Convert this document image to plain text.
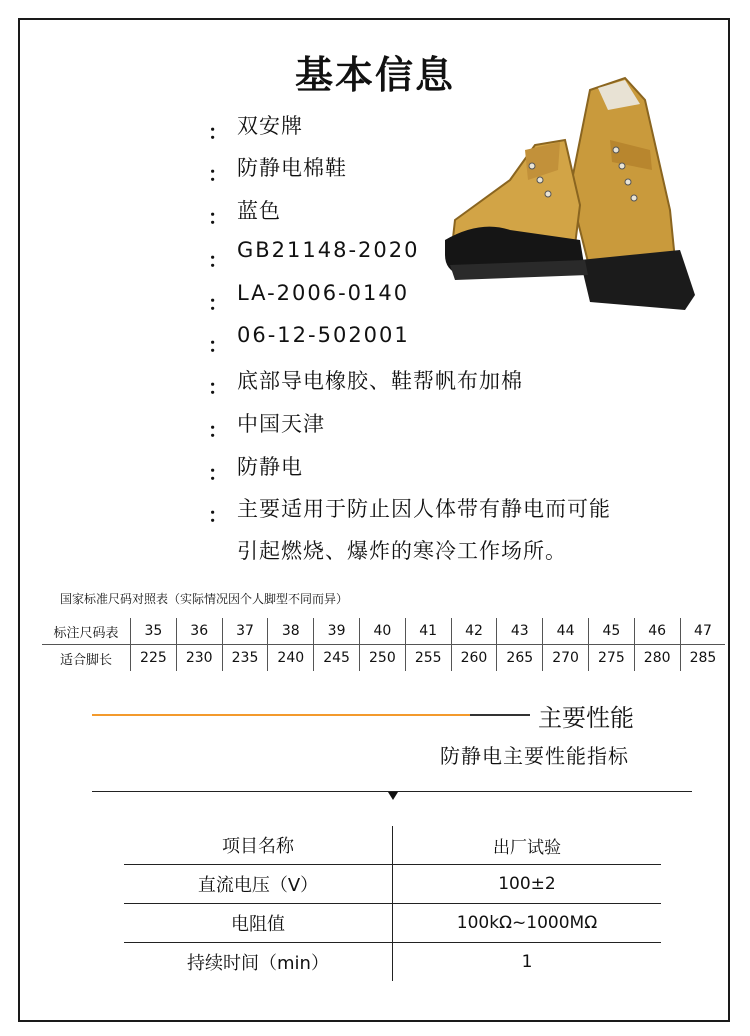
基本信息
： 双安牌
： 防静电棉鞋
： 蓝色
： GB21148-2020
： LA-2006-0140
： 06-12-502001
： 底部导电橡胶、鞋帮帆布加棉
： 中国天津
： 防静电
： 主要适用于防止因人体带有静电而可能
引起燃烧、爆炸的寒冷工作场所。
国家标准尺码对照表（实际情况因个人脚型不同而异）
标注尺码表	35	36	37	38	39	40	41	42	43	44	45	46	47
适合脚长	225	230	235	240	245	250	255	260	265	270	275	280	285
主要性能
防静电主要性能指标
项目名称	出厂试验
直流电压（V）	100±2
电阻值	100kΩ~1000MΩ
持续时间（min）	1
